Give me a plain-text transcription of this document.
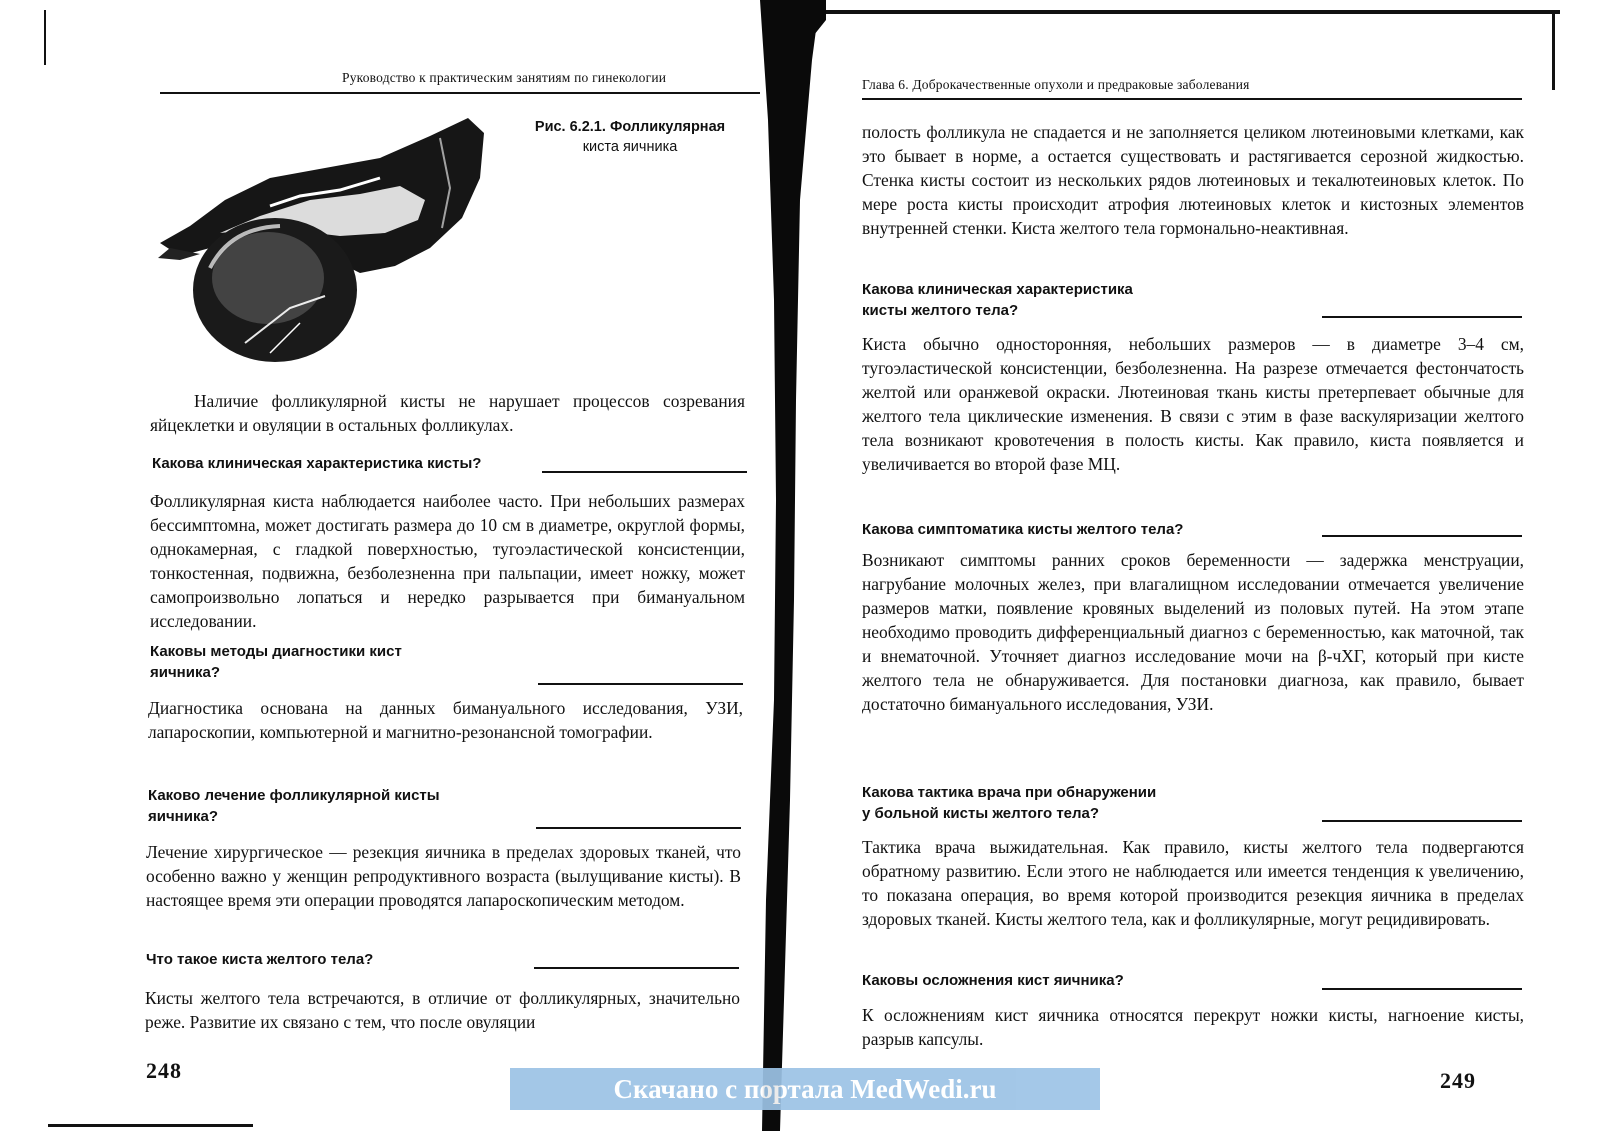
Руководство к практическим занятиям по гинекологии
Рис. 6.2.1. Фолликулярная
киста яичника
Наличие фолликулярной кисты не нарушает процессов созревания яйцеклетки и овуляции в остальных фолликулах.
Какова клиническая характеристика кисты?
Фолликулярная киста наблюдается наиболее часто. При небольших размерах бессимптомна, может достигать размера до 10 см в диаметре, округлой формы, однокамерная, с гладкой поверхностью, тугоэластической консистенции, тонкостенная, подвижна, безболезненна при пальпации, имеет ножку, может самопроизвольно лопаться и нередко разрывается при бимануальном исследовании.
Каковы методы диагностики кист
яичника?
Диагностика основана на данных бимануального исследования, УЗИ, лапароскопии, компьютерной и магнитно-резонансной томографии.
Каково лечение фолликулярной кисты
яичника?
Лечение хирургическое — резекция яичника в пределах здоровых тканей, что особенно важно у женщин репродуктивного возраста (вылущивание кисты). В настоящее время эти операции проводятся лапароскопическим методом.
Что такое киста желтого тела?
Кисты желтого тела встречаются, в отличие от фолликулярных, значительно реже. Развитие их связано с тем, что после овуляции
248
Глава 6. Доброкачественные опухоли и предраковые заболевания
полость фолликула не спадается и не заполняется целиком лютеиновыми клетками, как это бывает в норме, а остается существовать и растягивается серозной жидкостью. Стенка кисты состоит из нескольких рядов лютеиновых и текалютеиновых клеток. По мере роста кисты происходит атрофия лютеиновых клеток и кистозных элементов внутренней стенки. Киста желтого тела гормонально-неактивная.
Какова клиническая характеристика
кисты желтого тела?
Киста обычно односторонняя, небольших размеров — в диаметре 3–4 см, тугоэластической консистенции, безболезненна. На разрезе отмечается фестончатость желтой или оранжевой окраски. Лютеиновая ткань кисты претерпевает обычные для желтого тела циклические изменения. В связи с этим в фазе васкуляризации желтого тела возникают кровотечения в полость кисты. Как правило, киста появляется и увеличивается во второй фазе МЦ.
Какова симптоматика кисты желтого тела?
Возникают симптомы ранних сроков беременности — задержка менструации, нагрубание молочных желез, при влагалищном исследовании отмечается увеличение размеров матки, появление кровяных выделений из половых путей. На этом этапе необходимо проводить дифференциальный диагноз с беременностью, как маточной, так и внематочной. Уточняет диагноз исследование мочи на β-чХГ, который при кисте желтого тела не обнаруживается. Для постановки диагноза, как правило, бывает достаточно бимануального исследования, УЗИ.
Какова тактика врача при обнаружении
у больной кисты желтого тела?
Тактика врача выжидательная. Как правило, кисты желтого тела подвергаются обратному развитию. Если этого не наблюдается или имеется тенденция к увеличению, то показана операция, во время которой производится резекция яичника в пределах здоровых тканей. Кисты желтого тела, как и фолликулярные, могут рецидивировать.
Каковы осложнения кист яичника?
К осложнениям кист яичника относятся перекрут ножки кисты, нагноение кисты, разрыв капсулы.
249
Скачано с портала MedWedi.ru
